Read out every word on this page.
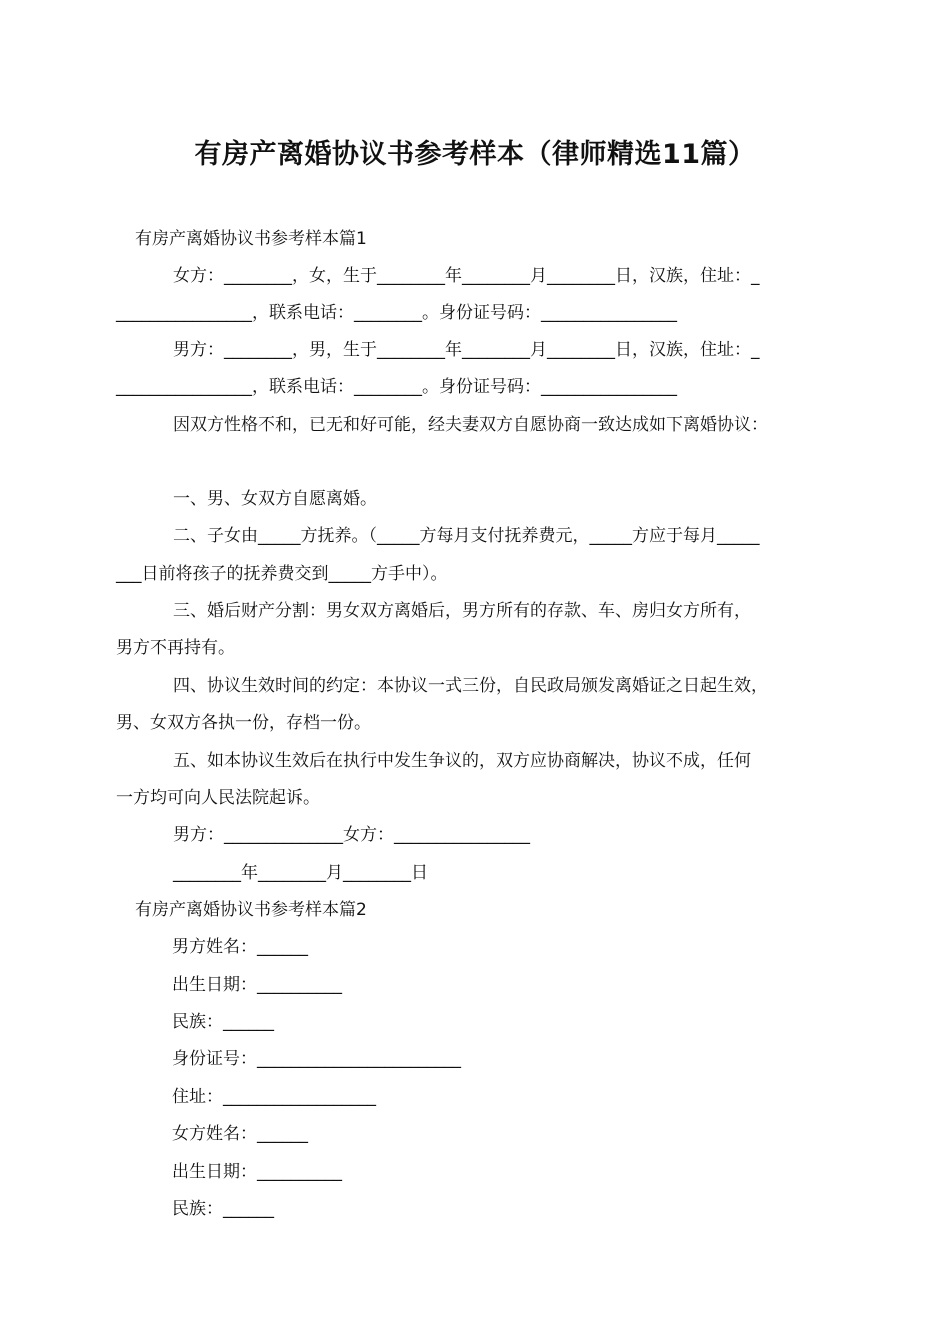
有房产离婚协议书参考样本（律师精选11篇）
有房产离婚协议书参考样本篇1
女方：________，女，生于________年________月________日，汉族，住址：_
________________，联系电话：________。身份证号码：________________
男方：________，男，生于________年________月________日，汉族，住址：_
________________，联系电话：________。身份证号码：________________
因双方性格不和，已无和好可能，经夫妻双方自愿协商一致达成如下离婚协议：
一、男、女双方自愿离婚。
二、子女由_____方抚养。（_____方每月支付抚养费元，_____方应于每月_____
___日前将孩子的抚养费交到_____方手中）。
三、婚后财产分割：男女双方离婚后，男方所有的存款、车、房归女方所有，
男方不再持有。
四、协议生效时间的约定：本协议一式三份，自民政局颁发离婚证之日起生效，
男、女双方各执一份，存档一份。
五、如本协议生效后在执行中发生争议的，双方应协商解决，协议不成，任何
一方均可向人民法院起诉。
男方：______________女方：________________
________年________月________日
有房产离婚协议书参考样本篇2
男方姓名：______
出生日期：__________
民族：______
身份证号：________________________
住址：__________________
女方姓名：______
出生日期：__________
民族：______
